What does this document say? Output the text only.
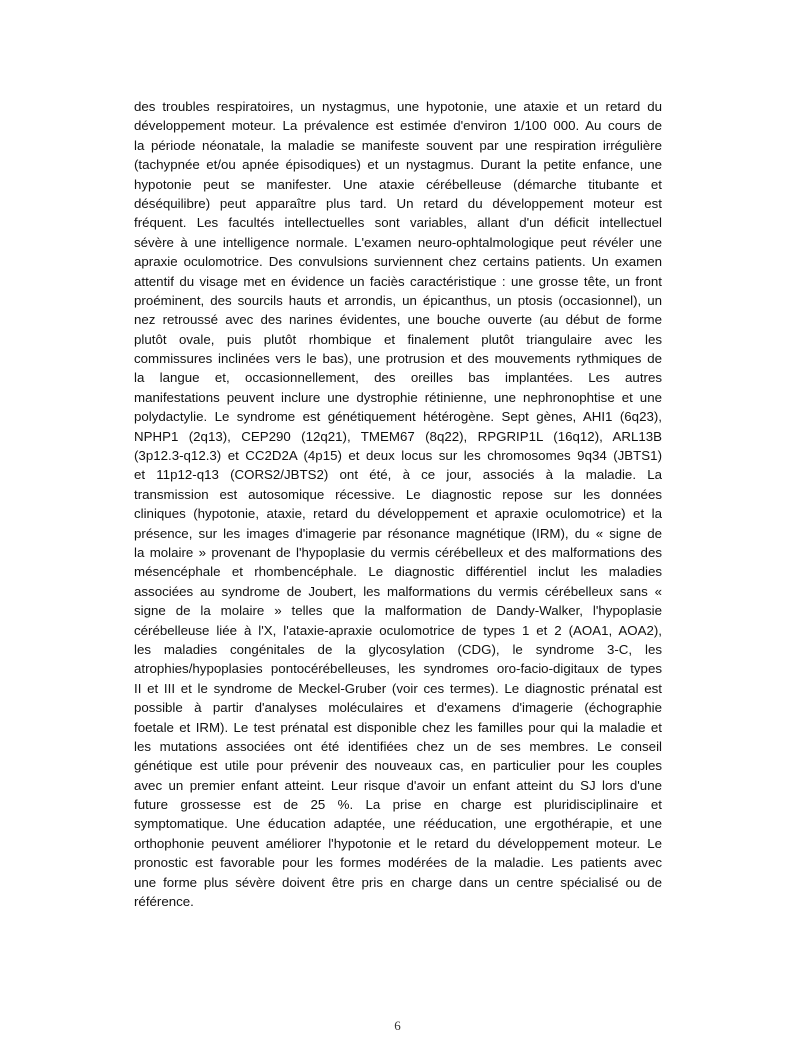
des troubles respiratoires, un nystagmus, une hypotonie, une ataxie et un retard du
développement moteur. La prévalence est estimée d'environ 1/100 000. Au cours de
la période néonatale, la maladie se manifeste souvent par une respiration irrégulière
(tachypnée et/ou apnée épisodiques) et un nystagmus. Durant la petite enfance, une
hypotonie peut se manifester. Une ataxie cérébelleuse (démarche titubante et
déséquilibre) peut apparaître plus tard. Un retard du développement moteur est
fréquent. Les facultés intellectuelles sont variables, allant d'un déficit intellectuel
sévère à une intelligence normale. L'examen neuro-ophtalmologique peut révéler une
apraxie oculomotrice. Des convulsions surviennent chez certains patients. Un examen
attentif du visage met en évidence un faciès caractéristique : une grosse tête, un front
proéminent, des sourcils hauts et arrondis, un épicanthus, un ptosis (occasionnel), un
nez retroussé avec des narines évidentes, une bouche ouverte (au début de forme
plutôt ovale, puis plutôt rhombique et finalement plutôt triangulaire avec les
commissures inclinées vers le bas), une protrusion et des mouvements rythmiques de
la langue et, occasionnellement, des oreilles bas implantées. Les autres
manifestations peuvent inclure une dystrophie rétinienne, une nephronophtise et une
polydactylie. Le syndrome est génétiquement hétérogène. Sept gènes, AHI1 (6q23),
NPHP1 (2q13), CEP290 (12q21), TMEM67 (8q22), RPGRIP1L (16q12), ARL13B
(3p12.3-q12.3) et CC2D2A (4p15) et deux locus sur les chromosomes 9q34 (JBTS1)
et 11p12-q13 (CORS2/JBTS2) ont été, à ce jour, associés à la maladie. La
transmission est autosomique récessive. Le diagnostic repose sur les données
cliniques (hypotonie, ataxie, retard du développement et apraxie oculomotrice) et la
présence, sur les images d'imagerie par résonance magnétique (IRM), du « signe de
la molaire » provenant de l'hypoplasie du vermis cérébelleux et des malformations des
mésencéphale et rhombencéphale. Le diagnostic différentiel inclut les maladies
associées au syndrome de Joubert, les malformations du vermis cérébelleux sans «
signe de la molaire » telles que la malformation de Dandy-Walker, l'hypoplasie
cérébelleuse liée à l'X, l'ataxie-apraxie oculomotrice de types 1 et 2 (AOA1, AOA2),
les maladies congénitales de la glycosylation (CDG), le syndrome 3-C, les
atrophies/hypoplasies pontocérébelleuses, les syndromes oro-facio-digitaux de types
II et III et le syndrome de Meckel-Gruber (voir ces termes). Le diagnostic prénatal est
possible à partir d'analyses moléculaires et d'examens d'imagerie (échographie
foetale et IRM). Le test prénatal est disponible chez les familles pour qui la maladie et
les mutations associées ont été identifiées chez un de ses membres. Le conseil
génétique est utile pour prévenir des nouveaux cas, en particulier pour les couples
avec un premier enfant atteint. Leur risque d'avoir un enfant atteint du SJ lors d'une
future grossesse est de 25 %. La prise en charge est pluridisciplinaire et
symptomatique. Une éducation adaptée, une rééducation, une ergothérapie, et une
orthophonie peuvent améliorer l'hypotonie et le retard du développement moteur. Le
pronostic est favorable pour les formes modérées de la maladie. Les patients avec
une forme plus sévère doivent être pris en charge dans un centre spécialisé ou de
référence.
6
